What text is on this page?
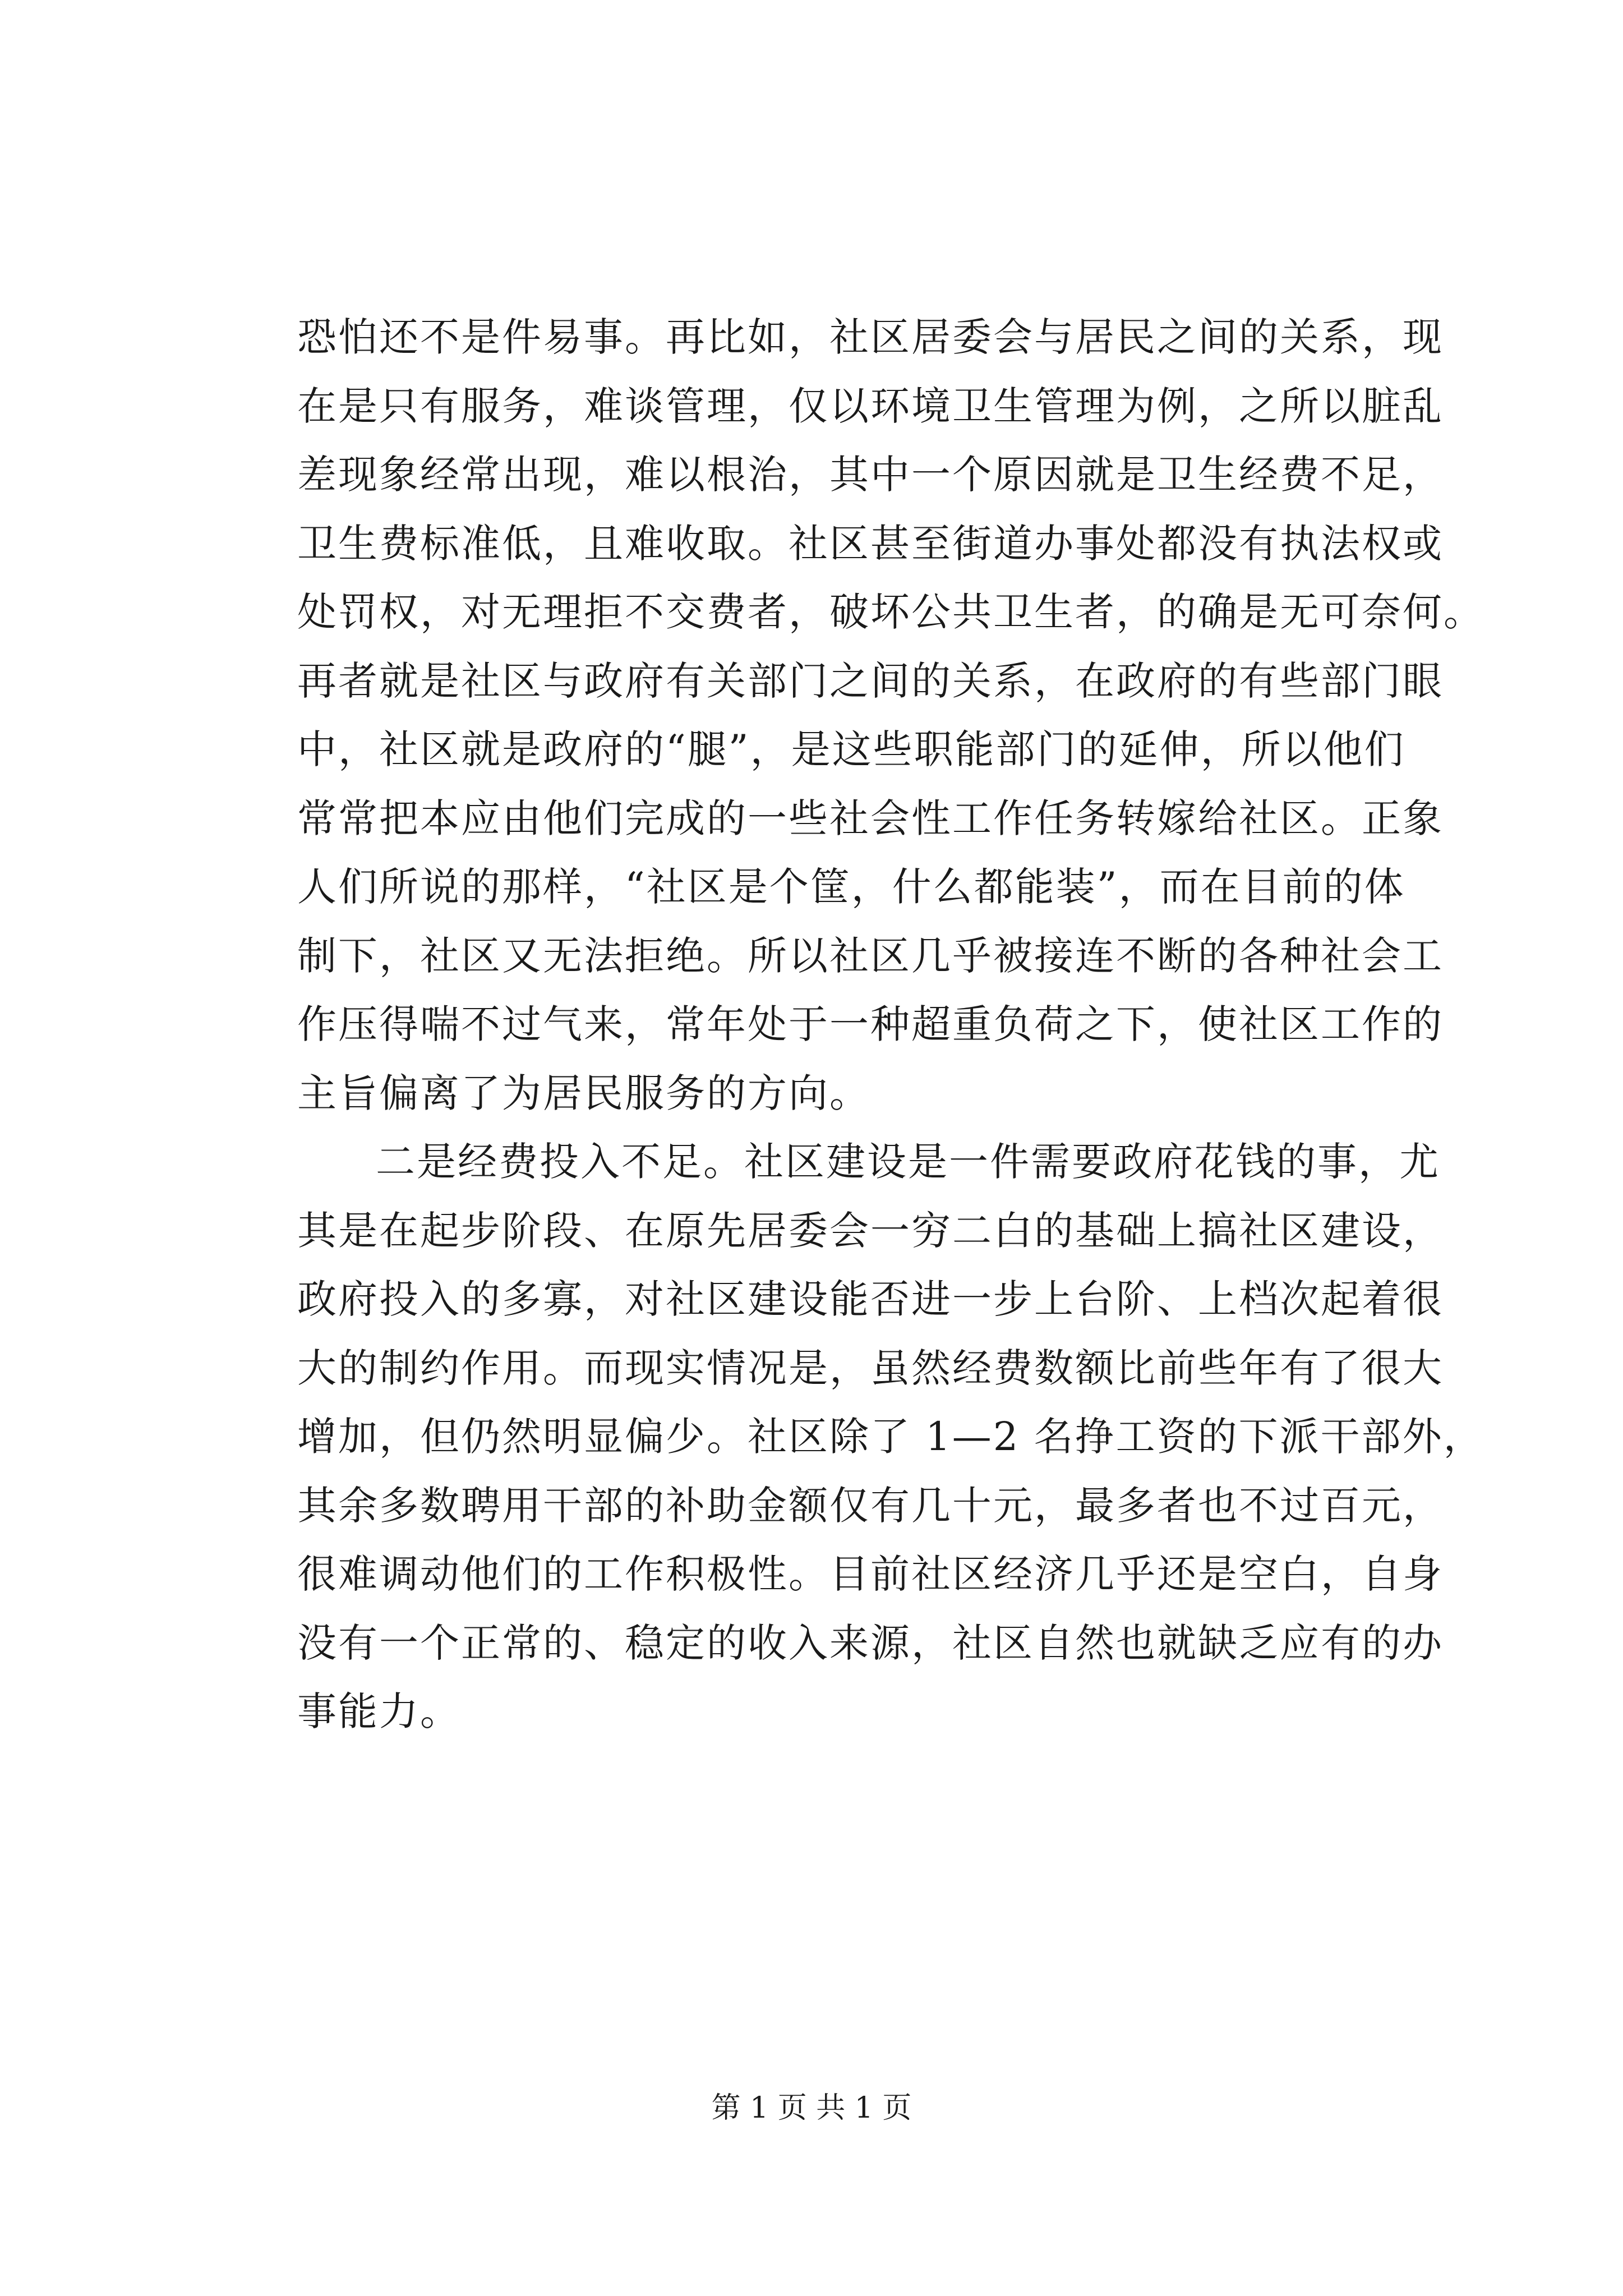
恐怕还不是件易事。再比如，社区居委会与居民之间的关系，现
在是只有服务，难谈管理，仅以环境卫生管理为例，之所以脏乱
差现象经常出现，难以根治，其中一个原因就是卫生经费不足，
卫生费标准低，且难收取。社区甚至街道办事处都没有执法权或
处罚权，对无理拒不交费者，破坏公共卫生者，的确是无可奈何。
再者就是社区与政府有关部门之间的关系，在政府的有些部门眼
中，社区就是政府的“腿”，是这些职能部门的延伸，所以他们
常常把本应由他们完成的一些社会性工作任务转嫁给社区。正象
人们所说的那样，“社区是个筐，什么都能装”，而在目前的体
制下，社区又无法拒绝。所以社区几乎被接连不断的各种社会工
作压得喘不过气来，常年处于一种超重负荷之下，使社区工作的
主旨偏离了为居民服务的方向。
二是经费投入不足。社区建设是一件需要政府花钱的事，尤
其是在起步阶段、在原先居委会一穷二白的基础上搞社区建设，
政府投入的多寡，对社区建设能否进一步上台阶、上档次起着很
大的制约作用。而现实情况是，虽然经费数额比前些年有了很大
增加，但仍然明显偏少。社区除了 1—2 名挣工资的下派干部外，
其余多数聘用干部的补助金额仅有几十元，最多者也不过百元，
很难调动他们的工作积极性。目前社区经济几乎还是空白，自身
没有一个正常的、稳定的收入来源，社区自然也就缺乏应有的办
事能力。
第 1 页 共 1 页
